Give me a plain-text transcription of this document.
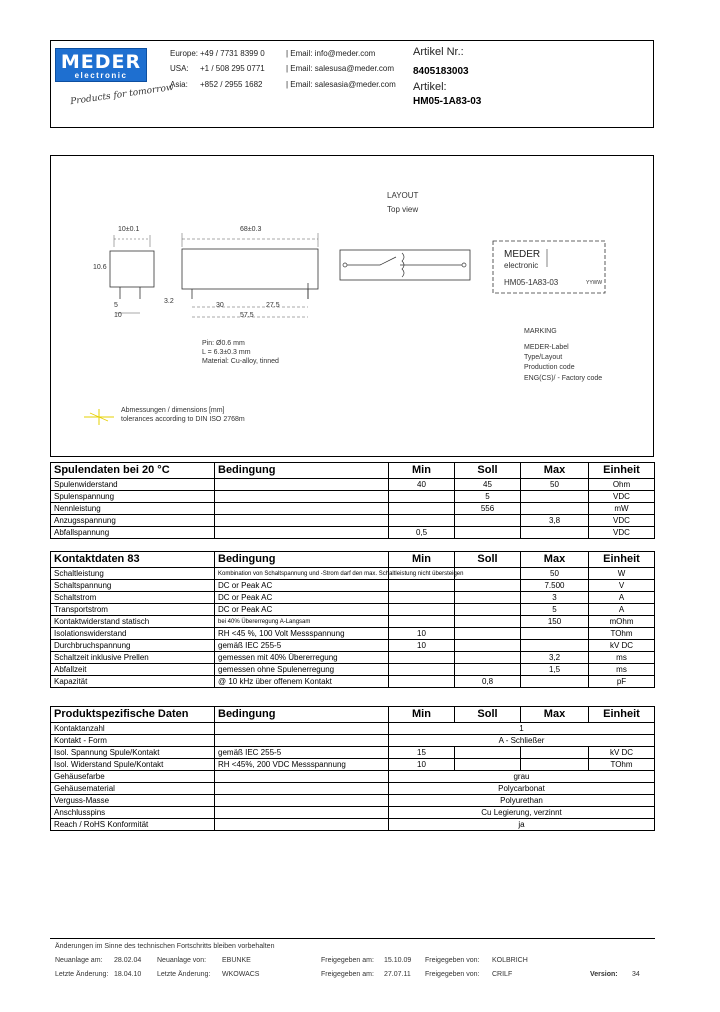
MEDER
electronic
Products for tomorrow
Europe: +49 / 7731 8399 0	| Email: info@meder.com
USA: +1 / 508 295 0771	| Email: salesusa@meder.com
Asia: +852 / 2955 1682	| Email: salesasia@meder.com
Artikel Nr.:
8405183003
Artikel:
HM05-1A83-03
LAYOUT
Top view
10±0.1	68±0.3
10.6
5
10
3.2
30	27.5
57.5
Pin: Ø0.6 mm
L = 6.3±0.3 mm
Material: Cu-alloy, tinned
MEDER
electronic
HM05-1A83-03	YYWW
MARKING
MEDER-Label
Type/Layout
Production code
ENG(CS)/ - Factory code
Abmessungen / dimensions [mm]
tolerances according to DIN ISO 2768m
Spulendaten bei 20 °C	Bedingung	Min	Soll	Max	Einheit
Spulenwiderstand		40	45	50	Ohm
Spulenspannung			5		VDC
Nennleistung			556		mW
Anzugsspannung				3,8	VDC
Abfallspannung		0,5			VDC
Kontaktdaten 83	Bedingung	Min	Soll	Max	Einheit
Schaltleistung	Kombination von Schaltspannung und -Strom darf den max. Schaltleistung nicht übersteigen			50	W
Schaltspannung	DC or Peak AC			7.500	V
Schaltstrom	DC or Peak AC			3	A
Transportstrom	DC or Peak AC			5	A
Kontaktwiderstand statisch	bei 40% Übererregung A-Langsam			150	mOhm
Isolationswiderstand	RH <45 %, 100 Volt Messspannung	10			TOhm
Durchbruchspannung	gemäß IEC 255-5	10			kV DC
Schaltzeit inklusive Prellen	gemessen mit 40% Übererregung			3,2	ms
Abfallzeit	gemessen ohne Spulenerregung			1,5	ms
Kapazität	@ 10 kHz über offenem Kontakt		0,8		pF
Produktspezifische Daten	Bedingung	Min	Soll	Max	Einheit
Kontaktanzahl		1			
Kontakt - Form		A - Schließer			
Isol. Spannung Spule/Kontakt	gemäß IEC 255-5	15			kV DC
Isol. Widerstand Spule/Kontakt	RH <45%, 200 VDC Messspannung	10			TOhm
Gehäusefarbe		grau			
Gehäusematerial		Polycarbonat			
Verguss-Masse		Polyurethan			
Anschlusspins		Cu Legierung, verzinnt			
Reach / RoHS Konformität		ja			
Änderungen im Sinne des technischen Fortschritts bleiben vorbehalten
Neuanlage am: 28.02.04 Neuanlage von: EBUNKE	Freigegeben am: 15.10.09 Freigegeben von: KOLBRICH
Letzte Änderung: 18.04.10 Letzte Änderung: WKOWACS	Freigegeben am: 27.07.11 Freigegeben von: CRILF	Version: 34
